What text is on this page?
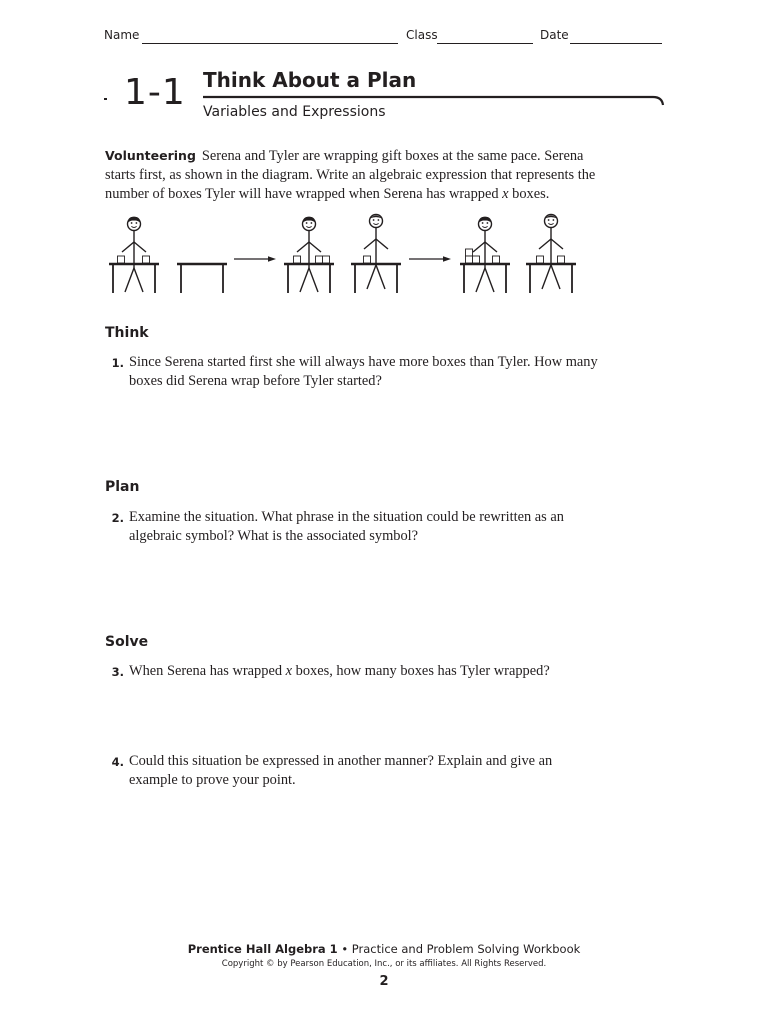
Name	Class	Date
1-1 Think About a Plan
Variables and Expressions
Volunteering Serena and Tyler are wrapping gift boxes at the same pace. Serena starts first, as shown in the diagram. Write an algebraic expression that represents the number of boxes Tyler will have wrapped when Serena has wrapped x boxes.
Think
1. Since Serena started first she will always have more boxes than Tyler. How many boxes did Serena wrap before Tyler started?
Plan
2. Examine the situation. What phrase in the situation could be rewritten as an algebraic symbol? What is the associated symbol?
Solve
3. When Serena has wrapped x boxes, how many boxes has Tyler wrapped?
4. Could this situation be expressed in another manner? Explain and give an example to prove your point.
Prentice Hall Algebra 1 • Practice and Problem Solving Workbook
Copyright © by Pearson Education, Inc., or its affiliates. All Rights Reserved.
2
